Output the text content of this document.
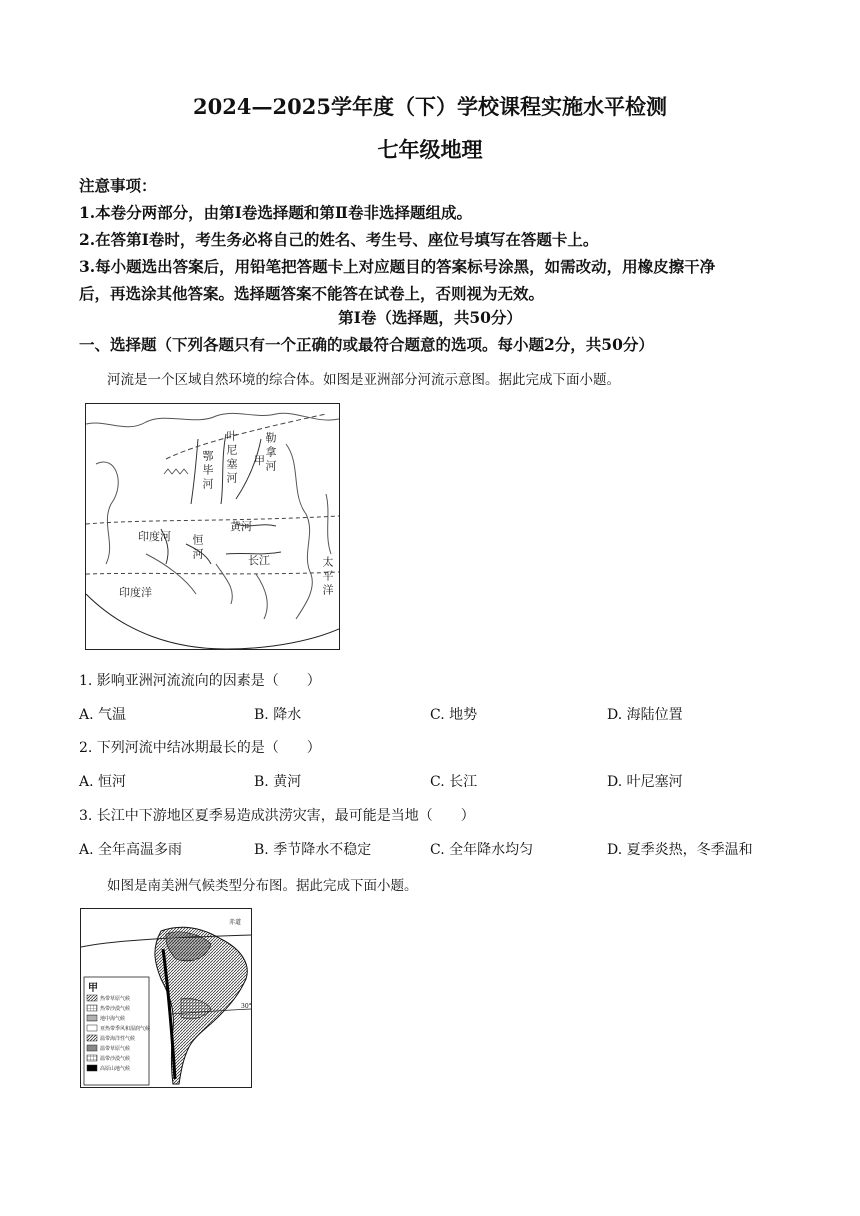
2024—2025学年度（下）学校课程实施水平检测
七年级地理
注意事项：
1.本卷分两部分，由第Ⅰ卷选择题和第Ⅱ卷非选择题组成。
2.在答第Ⅰ卷时，考生务必将自己的姓名、考生号、座位号填写在答题卡上。
3.每小题选出答案后，用铅笔把答题卡上对应题目的答案标号涂黑，如需改动，用橡皮擦干净
后，再选涂其他答案。选择题答案不能答在试卷上，否则视为无效。
第Ⅰ卷（选择题，共50分）
一、选择题（下列各题只有一个正确的或最符合题意的选项。每小题2分，共50分）
河流是一个区域自然环境的综合体。如图是亚洲部分河流示意图。据此完成下面小题。
叶尼塞河 勒拿河
鄂毕河	甲
印度河 恒河
黄河
长江	太平洋
印度洋
1. 影响亚洲河流流向的因素是（　　）
A. 气温	B. 降水	C. 地势	D. 海陆位置
2. 下列河流中结冰期最长的是（　　）
A. 恒河	B. 黄河	C. 长江	D. 叶尼塞河
3. 长江中下游地区夏季易造成洪涝灾害，最可能是当地（　　）
A. 全年高温多雨	B. 季节降水不稳定	C. 全年降水均匀	D. 夏季炎热，冬季温和
如图是南美洲气候类型分布图。据此完成下面小题。
赤道
30°
甲
热带草原气候
热带沙漠气候
地中海气候
亚热带季风和湿润气候
温带海洋性气候
温带草原气候
温带沙漠气候
高原山地气候
